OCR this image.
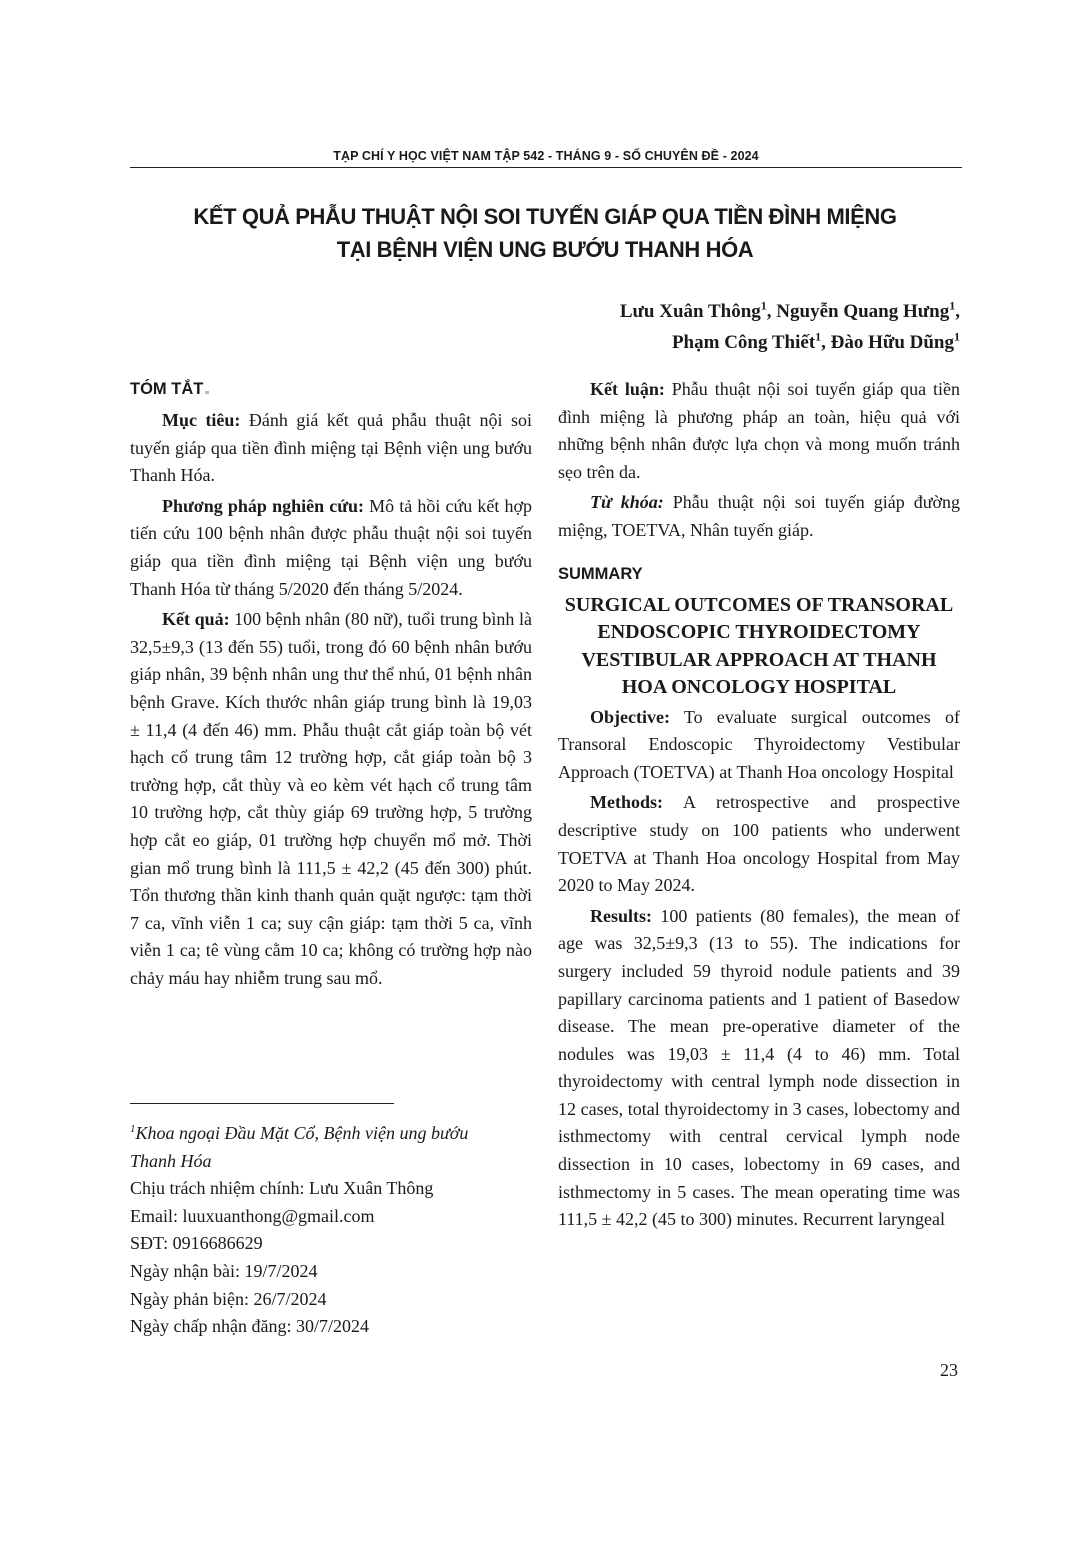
TẠP CHÍ Y HỌC VIỆT NAM TẬP 542 - THÁNG 9 - SỐ CHUYÊN ĐỀ - 2024
KẾT QUẢ PHẪU THUẬT NỘI SOI TUYẾN GIÁP QUA TIỀN ĐÌNH MIỆNG
TẠI BỆNH VIỆN UNG BƯỚU THANH HÓA
Lưu Xuân Thông$^1$, Nguyễn Quang Hưng$^1$,
Phạm Công Thiết$^1$, Đào Hữu Dũng$^1$
TÓM TẮT

Mục tiêu: Đánh giá kết quả phẫu thuật nội soi tuyến giáp qua tiền đình miệng tại Bệnh viện ung bướu Thanh Hóa.

Phương pháp nghiên cứu: Mô tả hồi cứu kết hợp tiến cứu 100 bệnh nhân được phẫu thuật nội soi tuyến giáp qua tiền đình miệng tại Bệnh viện ung bướu Thanh Hóa từ tháng 5/2020 đến tháng 5/2024.

Kết quả: 100 bệnh nhân (80 nữ), tuổi trung bình là 32,5±9,3 (13 đến 55) tuổi, trong đó 60 bệnh nhân bướu giáp nhân, 39 bệnh nhân ung thư thể nhú, 01 bệnh nhân bệnh Grave. Kích thước nhân giáp trung bình là 19,03 ± 11,4 (4 đến 46) mm. Phẫu thuật cắt giáp toàn bộ vét hạch cổ trung tâm 12 trường hợp, cắt giáp toàn bộ 3 trường hợp, cắt thùy và eo kèm vét hạch cổ trung tâm 10 trường hợp, cắt thùy giáp 69 trường hợp, 5 trường hợp cắt eo giáp, 01 trường hợp chuyển mổ mở. Thời gian mổ trung bình là 111,5 ± 42,2 (45 đến 300) phút. Tổn thương thần kinh thanh quản quặt ngược: tạm thời 7 ca, vĩnh viễn 1 ca; suy cận giáp: tạm thời 5 ca, vĩnh viễn 1 ca; tê vùng cằm 10 ca; không có trường hợp nào chảy máu hay nhiễm trung sau mổ.

$^1$Khoa ngoại Đầu Mặt Cổ, Bệnh viện ung bướu
Thanh Hóa
Chịu trách nhiệm chính: Lưu Xuân Thông
Email: luuxuanthong@gmail.com
SĐT: 0916686629
Ngày nhận bài: 19/7/2024
Ngày phản biện: 26/7/2024
Ngày chấp nhận đăng: 30/7/2024

Kết luận: Phẫu thuật nội soi tuyến giáp qua tiền đình miệng là phương pháp an toàn, hiệu quả với những bệnh nhân được lựa chọn và mong muốn tránh sẹo trên da.

Từ khóa: Phẫu thuật nội soi tuyến giáp đường miệng, TOETVA, Nhân tuyến giáp.

SUMMARY
SURGICAL OUTCOMES OF TRANSORAL ENDOSCOPIC THYROIDECTOMY VESTIBULAR APPROACH AT THANH HOA ONCOLOGY HOSPITAL

Objective: To evaluate surgical outcomes of Transoral Endoscopic Thyroidectomy Vestibular Approach (TOETVA) at Thanh Hoa oncology Hospital

Methods: A retrospective and prospective descriptive study on 100 patients who underwent TOETVA at Thanh Hoa oncology Hospital from May 2020 to May 2024.

Results: 100 patients (80 females), the mean of age was 32,5±9,3 (13 to 55). The indications for surgery included 59 thyroid nodule patients and 39 papillary carcinoma patients and 1 patient of Basedow disease. The mean pre-operative diameter of the nodules was 19,03 ± 11,4 (4 to 46) mm. Total thyroidectomy with central lymph node dissection in 12 cases, total thyroidectomy in 3 cases, lobectomy and isthmectomy with central cervical lymph node dissection in 10 cases, lobectomy in 69 cases, and isthmectomy in 5 cases. The mean operating time was 111,5 ± 42,2 (45 to 300) minutes. Recurrent laryngeal

23
